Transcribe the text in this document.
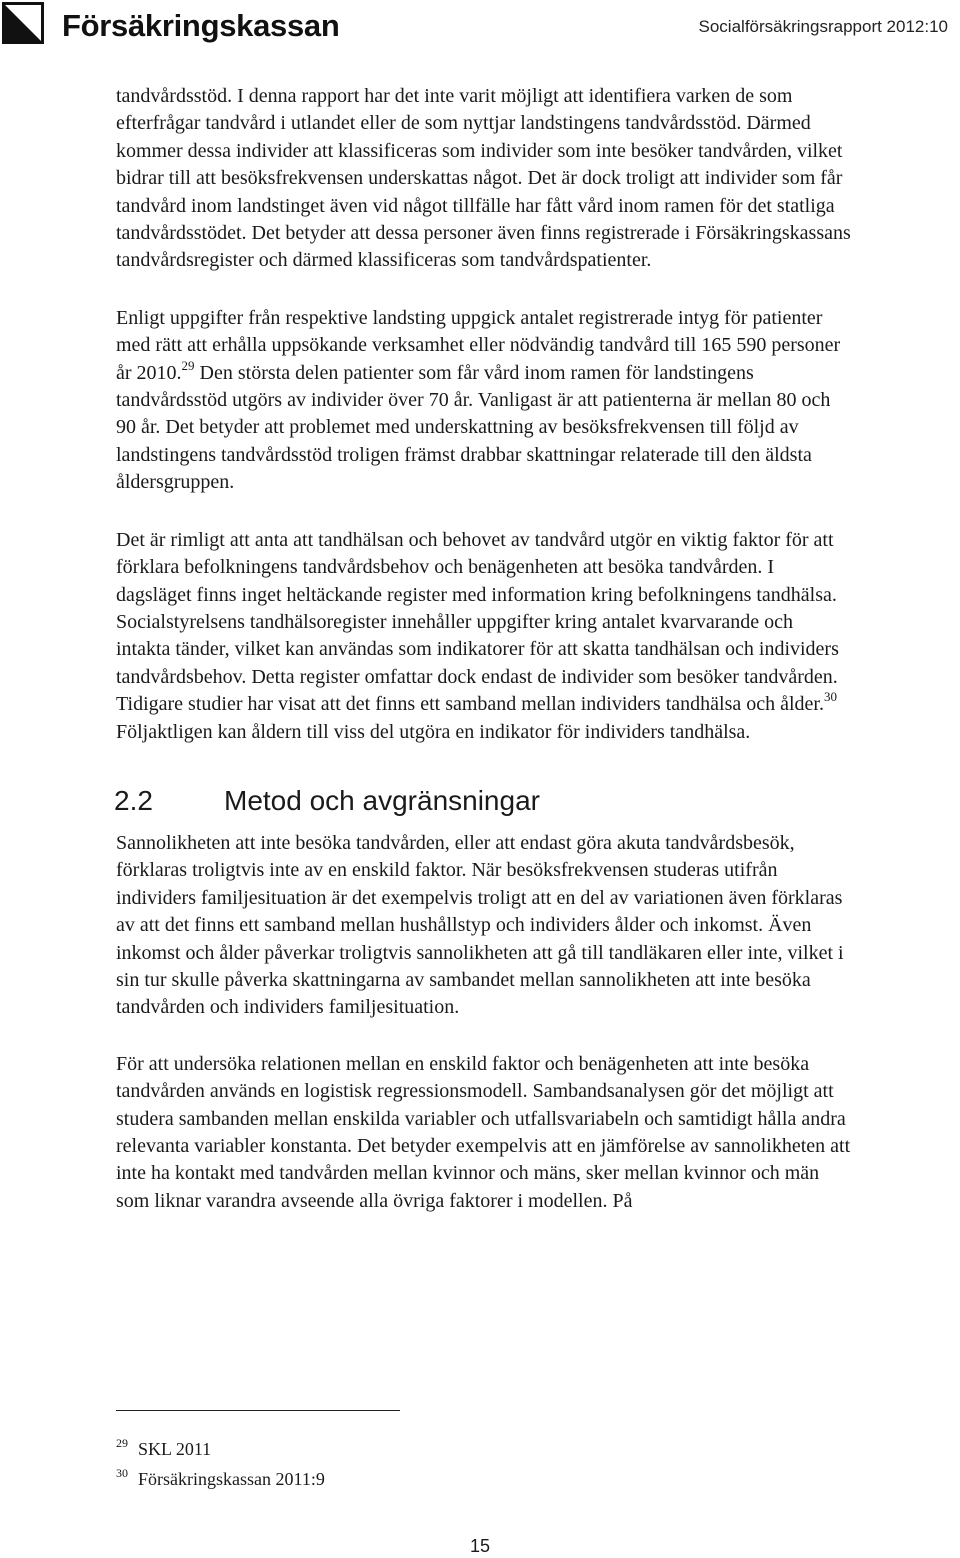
Försäkringskassan	Socialförsäkringsrapport 2012:10

tandvårdsstöd. I denna rapport har det inte varit möjligt att identifiera varken de som efterfrågar tandvård i utlandet eller de som nyttjar landstingens tandvårdsstöd. Därmed kommer dessa individer att klassificeras som individer som inte besöker tandvården, vilket bidrar till att besöksfrekvensen underskattas något. Det är dock troligt att individer som får tandvård inom landstinget även vid något tillfälle har fått vård inom ramen för det statliga tandvårdsstödet. Det betyder att dessa personer även finns registrerade i Försäkringskassans tandvårdsregister och därmed klassificeras som tandvårdspatienter.

Enligt uppgifter från respektive landsting uppgick antalet registrerade intyg för patienter med rätt att erhålla uppsökande verksamhet eller nödvändig tandvård till 165 590 personer år 2010.29 Den största delen patienter som får vård inom ramen för landstingens tandvårdsstöd utgörs av individer över 70 år. Vanligast är att patienterna är mellan 80 och 90 år. Det betyder att problemet med underskattning av besöksfrekvensen till följd av landstingens tandvårdsstöd troligen främst drabbar skattningar relaterade till den äldsta åldersgruppen.

Det är rimligt att anta att tandhälsan och behovet av tandvård utgör en viktig faktor för att förklara befolkningens tandvårdsbehov och benägenheten att besöka tandvården. I dagsläget finns inget heltäckande register med information kring befolkningens tandhälsa. Socialstyrelsens tandhälsoregister innehåller uppgifter kring antalet kvarvarande och intakta tänder, vilket kan användas som indikatorer för att skatta tandhälsan och individers tandvårdsbehov. Detta register omfattar dock endast de individer som besöker tandvården. Tidigare studier har visat att det finns ett samband mellan individers tandhälsa och ålder.$^{30}$ Följaktligen kan åldern till viss del utgöra en indikator för individers tandhälsa.

2.2	Metod och avgränsningar

Sannolikheten att inte besöka tandvården, eller att endast göra akuta tandvårdsbesök, förklaras troligtvis inte av en enskild faktor. När besöksfrekvensen studeras utifrån individers familjesituation är det exempelvis troligt att en del av variationen även förklaras av att det finns ett samband mellan hushållstyp och individers ålder och inkomst. Även inkomst och ålder påverkar troligtvis sannolikheten att gå till tandläkaren eller inte, vilket i sin tur skulle påverka skattningarna av sambandet mellan sannolikheten att inte besöka tandvården och individers familjesituation.

För att undersöka relationen mellan en enskild faktor och benägenheten att inte besöka tandvården används en logistisk regressionsmodell. Sambandsanalysen gör det möjligt att studera sambanden mellan enskilda variabler och utfallsvariabeln och samtidigt hålla andra relevanta variabler konstanta. Det betyder exempelvis att en jämförelse av sannolikheten att inte ha kontakt med tandvården mellan kvinnor och mäns, sker mellan kvinnor och män som liknar varandra avseende alla övriga faktorer i modellen. På

29 SKL 2011
30 Försäkringskassan 2011:9
15
